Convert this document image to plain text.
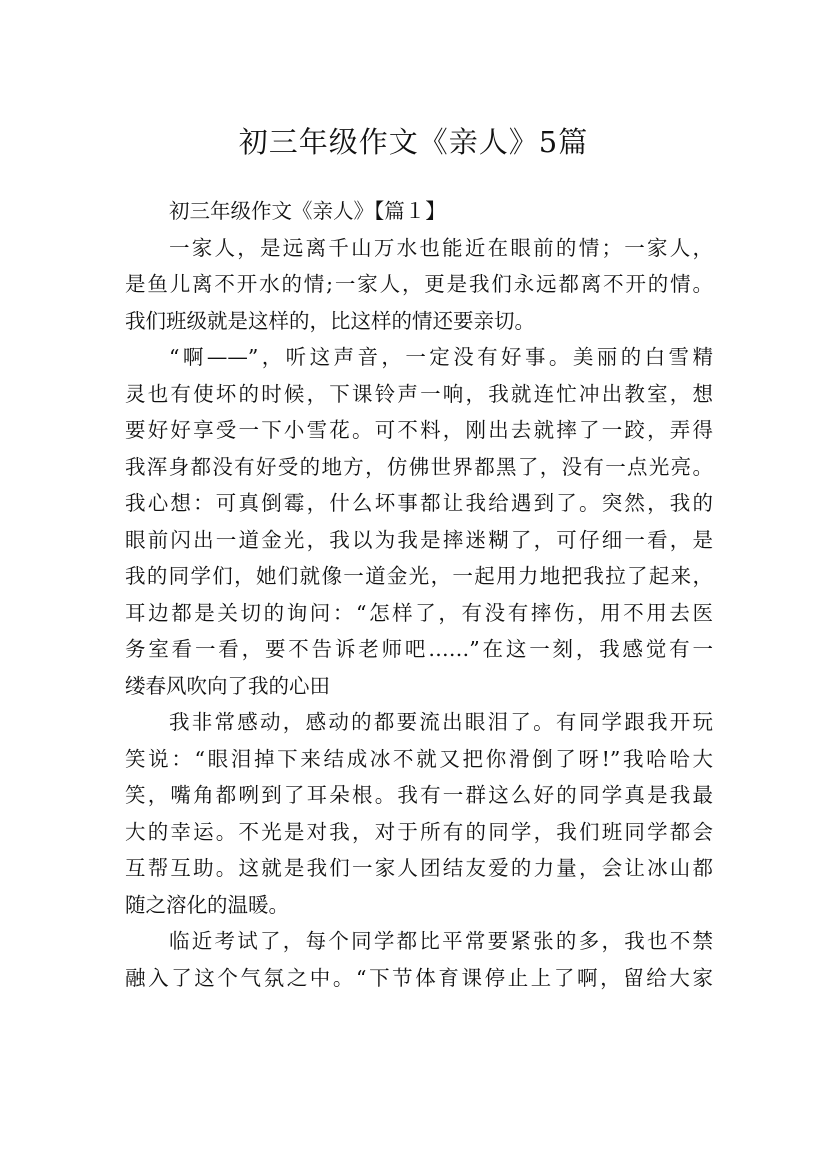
初三年级作文《亲人》5篇
初三年级作文《亲人》【篇１】
一家人，是远离千山万水也能近在眼前的情；一家人，
是鱼儿离不开水的情;一家人，更是我们永远都离不开的情。
我们班级就是这样的，比这样的情还要亲切。
“啊——”，听这声音，一定没有好事。美丽的白雪精
灵也有使坏的时候，下课铃声一响，我就连忙冲出教室，想
要好好享受一下小雪花。可不料，刚出去就摔了一跤，弄得
我浑身都没有好受的地方，仿佛世界都黑了，没有一点光亮。
我心想：可真倒霉，什么坏事都让我给遇到了。突然，我的
眼前闪出一道金光，我以为我是摔迷糊了，可仔细一看，是
我的同学们，她们就像一道金光，一起用力地把我拉了起来，
耳边都是关切的询问：“怎样了，有没有摔伤，用不用去医
务室看一看，要不告诉老师吧……”在这一刻，我感觉有一
缕春风吹向了我的心田
我非常感动，感动的都要流出眼泪了。有同学跟我开玩
笑说：“眼泪掉下来结成冰不就又把你滑倒了呀!”我哈哈大
笑，嘴角都咧到了耳朵根。我有一群这么好的同学真是我最
大的幸运。不光是对我，对于所有的同学，我们班同学都会
互帮互助。这就是我们一家人团结友爱的力量，会让冰山都
随之溶化的温暖。
临近考试了，每个同学都比平常要紧张的多，我也不禁
融入了这个气氛之中。“下节体育课停止上了啊，留给大家
